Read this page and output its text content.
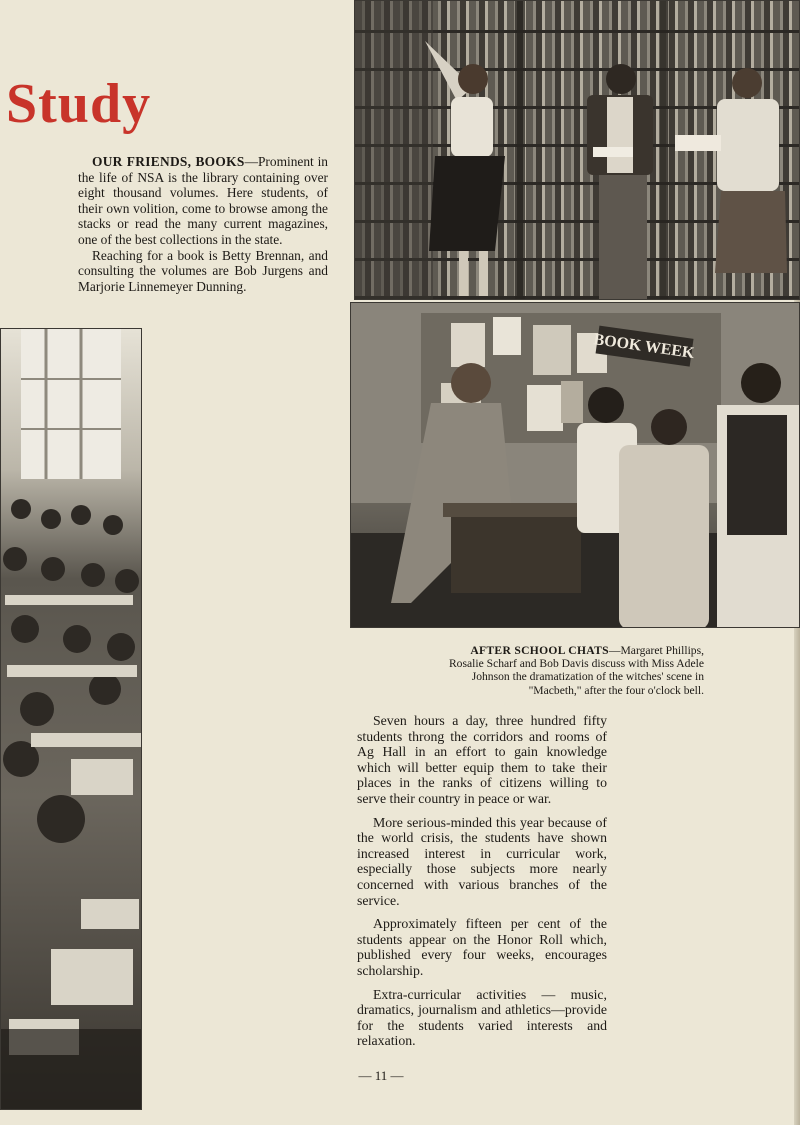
Study

OUR FRIENDS, BOOKS—Prominent in the life of NSA is the library containing over eight thousand volumes. Here students, of their own volition, come to browse among the stacks or read the many current magazines, one of the best collections in the state.

Reaching for a book is Betty Brennan, and consulting the volumes are Bob Jurgens and Marjorie Linnemeyer Dunning.

BOOK WEEK
AFTER SCHOOL CHATS—Margaret Phillips, Rosalie Scharf and Bob Davis discuss with Miss Adele Johnson the dramatization of the witches' scene in "Macbeth," after the four o'clock bell.

Seven hours a day, three hundred fifty students throng the corridors and rooms of Ag Hall in an effort to gain knowledge which will better equip them to take their places in the ranks of citizens willing to serve their country in peace or war.

More serious-minded this year because of the world crisis, the students have shown increased interest in curricular work, especially those subjects more nearly concerned with various branches of the service.

Approximately fifteen per cent of the students appear on the Honor Roll which, published every four weeks, encourages scholarship.

Extra-curricular activities — music, dramatics, journalism and athletics—provide for the students varied interests and relaxation.

— 11 —
